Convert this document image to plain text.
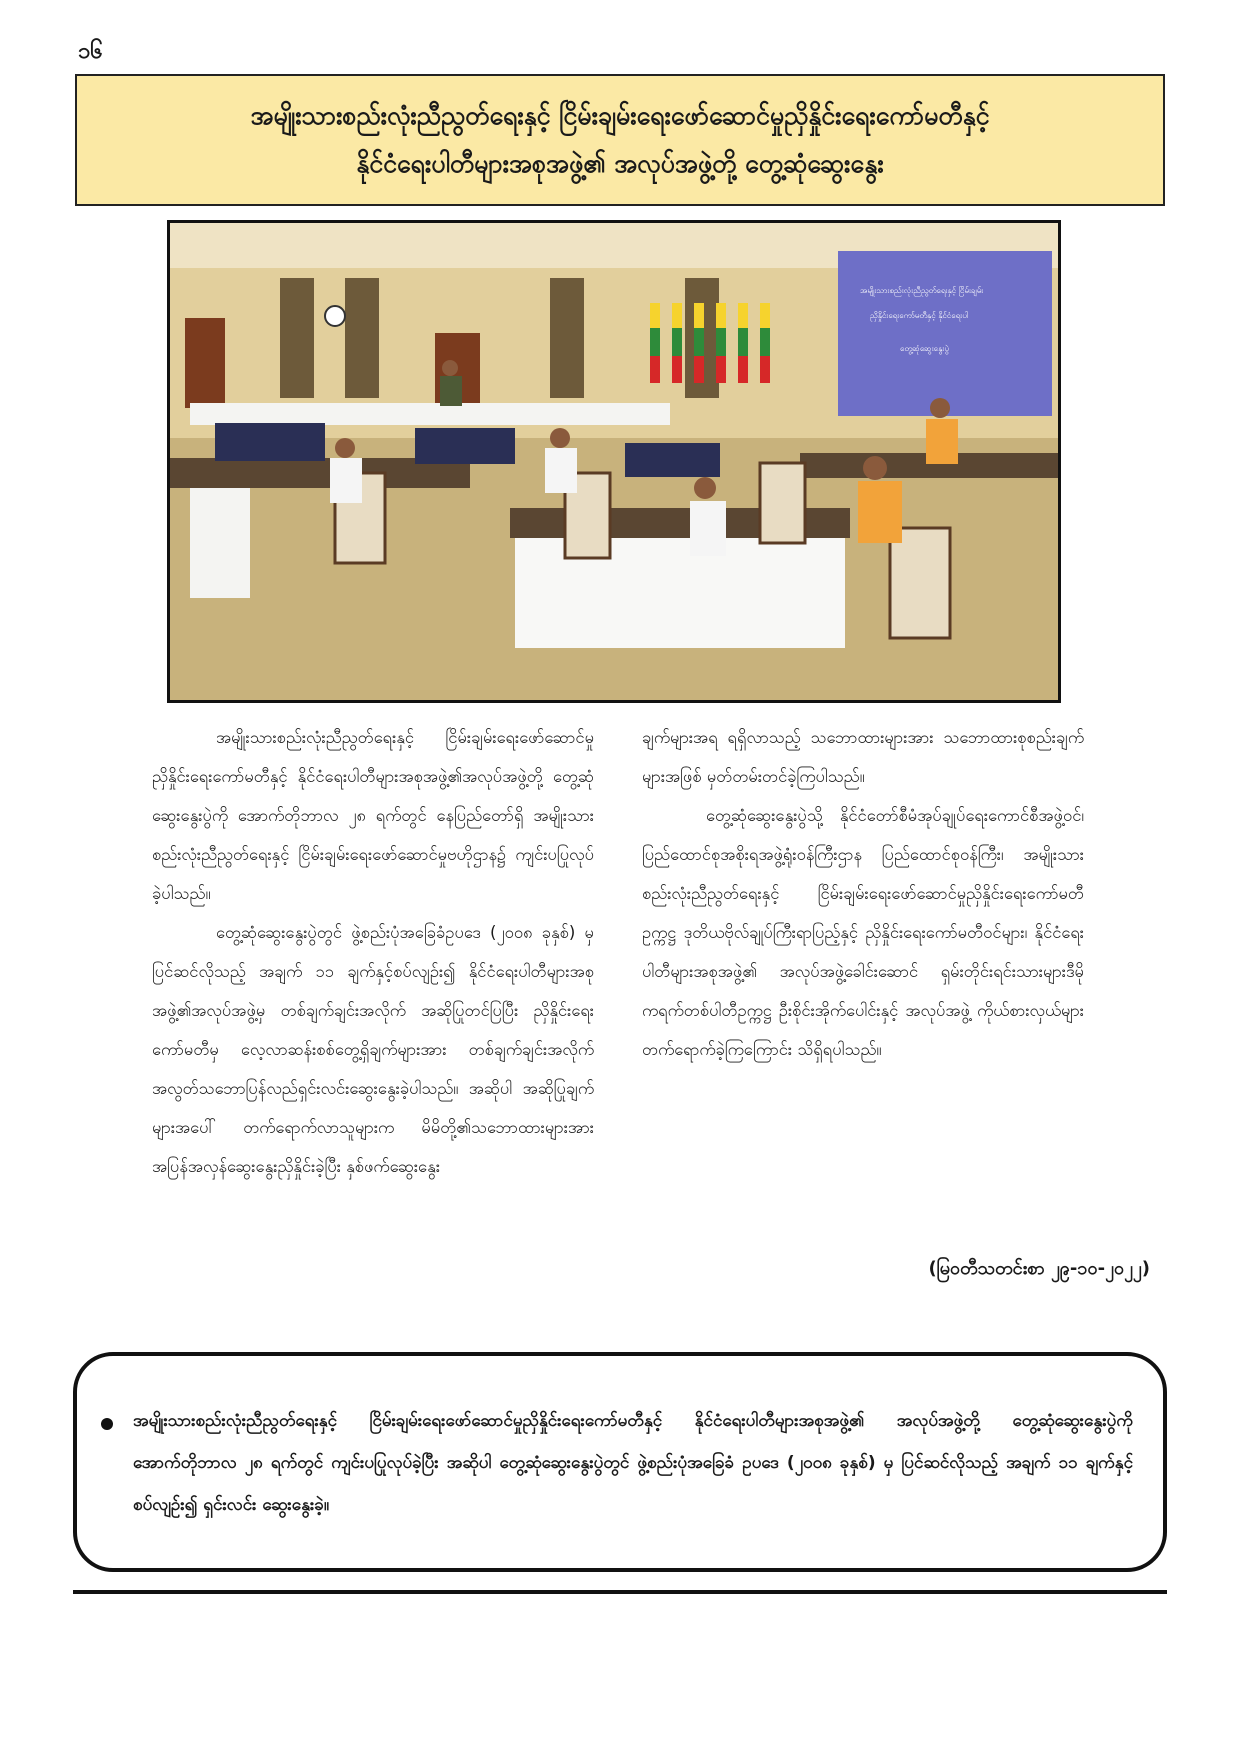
၁၆
အမျိုးသားစည်းလုံးညီညွတ်ရေးနှင့် ငြိမ်းချမ်းရေးဖော်ဆောင်မှုညှိနှိုင်းရေးကော်မတီနှင့်
နိုင်ငံရေးပါတီများအစုအဖွဲ့၏ အလုပ်အဖွဲ့တို့ တွေ့ဆုံဆွေးနွေး
အမျိုးသားစည်းလုံးညီညွတ်ရေးနှင့် ငြိမ်းချမ်း
ညှိနှိုင်းရေးကော်မတီနှင့် နိုင်ငံရေးပါ
တွေ့ဆုံဆွေးနွေးပွဲ

အမျိုးသားစည်းလုံးညီညွတ်ရေးနှင့် ငြိမ်းချမ်းရေးဖော်ဆောင်မှုညှိနှိုင်းရေးကော်မတီနှင့် နိုင်ငံရေးပါတီများအစုအဖွဲ့၏အလုပ်အဖွဲ့တို့ တွေ့ဆုံဆွေးနွေးပွဲကို အောက်တိုဘာလ ၂၈ ရက်တွင် နေပြည်တော်ရှိ အမျိုးသားစည်းလုံးညီညွတ်ရေးနှင့် ငြိမ်းချမ်းရေးဖော်ဆောင်မှုဗဟိုဌာန၌ ကျင်းပပြုလုပ်ခဲ့ပါသည်။

တွေ့ဆုံဆွေးနွေးပွဲတွင် ဖွဲ့စည်းပုံအခြေခံဥပဒေ (၂၀၀၈ ခုနှစ်) မှ ပြင်ဆင်လိုသည့် အချက် ၁၁ ချက်နှင့်စပ်လျဉ်း၍ နိုင်ငံရေးပါတီများအစုအဖွဲ့၏အလုပ်အဖွဲ့မှ တစ်ချက်ချင်းအလိုက် အဆိုပြုတင်ပြပြီး ညှိနှိုင်းရေးကော်မတီမှ လေ့လာဆန်းစစ်တွေ့ရှိချက်များအား တစ်ချက်ချင်းအလိုက် အလွတ်သဘောပြန်လည်ရှင်းလင်းဆွေးနွေးခဲ့ပါသည်။ အဆိုပါ အဆိုပြုချက်များအပေါ် တက်ရောက်လာသူများက မိမိတို့၏သဘောထားများအား အပြန်အလှန်ဆွေးနွေးညှိနှိုင်းခဲ့ပြီး နှစ်ဖက်ဆွေးနွေး

ချက်များအရ ရရှိလာသည့် သဘောထားများအား သဘောထားစုစည်းချက်များအဖြစ် မှတ်တမ်းတင်ခဲ့ကြပါသည်။

တွေ့ဆုံဆွေးနွေးပွဲသို့ နိုင်ငံတော်စီမံအုပ်ချုပ်ရေးကောင်စီအဖွဲ့ဝင်၊ ပြည်ထောင်စုအစိုးရအဖွဲ့ရုံးဝန်ကြီးဌာန ပြည်ထောင်စုဝန်ကြီး၊ အမျိုးသားစည်းလုံးညီညွတ်ရေးနှင့် ငြိမ်းချမ်းရေးဖော်ဆောင်မှုညှိနှိုင်းရေးကော်မတီဥက္ကဋ္ဌ ဒုတိယဗိုလ်ချုပ်ကြီးရာပြည့်နှင့် ညှိနှိုင်းရေးကော်မတီဝင်များ၊ နိုင်ငံရေးပါတီများအစုအဖွဲ့၏ အလုပ်အဖွဲ့ခေါင်းဆောင် ရှမ်းတိုင်းရင်းသားများဒီမိုကရက်တစ်ပါတီဥက္ကဋ္ဌ ဦးစိုင်းအိုက်ပေါင်းနှင့် အလုပ်အဖွဲ့ ကိုယ်စားလှယ်များ တက်ရောက်ခဲ့ကြကြောင်း သိရှိရပါသည်။

(မြဝတီသတင်းစာ ၂၉-၁၀-၂၀၂၂)
အမျိုးသားစည်းလုံးညီညွတ်ရေးနှင့် ငြိမ်းချမ်းရေးဖော်ဆောင်မှုညှိနှိုင်းရေးကော်မတီနှင့် နိုင်ငံရေးပါတီများအစုအဖွဲ့၏ အလုပ်အဖွဲ့တို့ တွေ့ဆုံဆွေးနွေးပွဲကို အောက်တိုဘာလ ၂၈ ရက်တွင် ကျင်းပပြုလုပ်ခဲ့ပြီး အဆိုပါ တွေ့ဆုံဆွေးနွေးပွဲတွင် ဖွဲ့စည်းပုံအခြေခံ ဥပဒေ (၂၀၀၈ ခုနှစ်) မှ ပြင်ဆင်လိုသည့် အချက် ၁၁ ချက်နှင့်စပ်လျဉ်း၍ ရှင်းလင်း ဆွေးနွေးခဲ့။
